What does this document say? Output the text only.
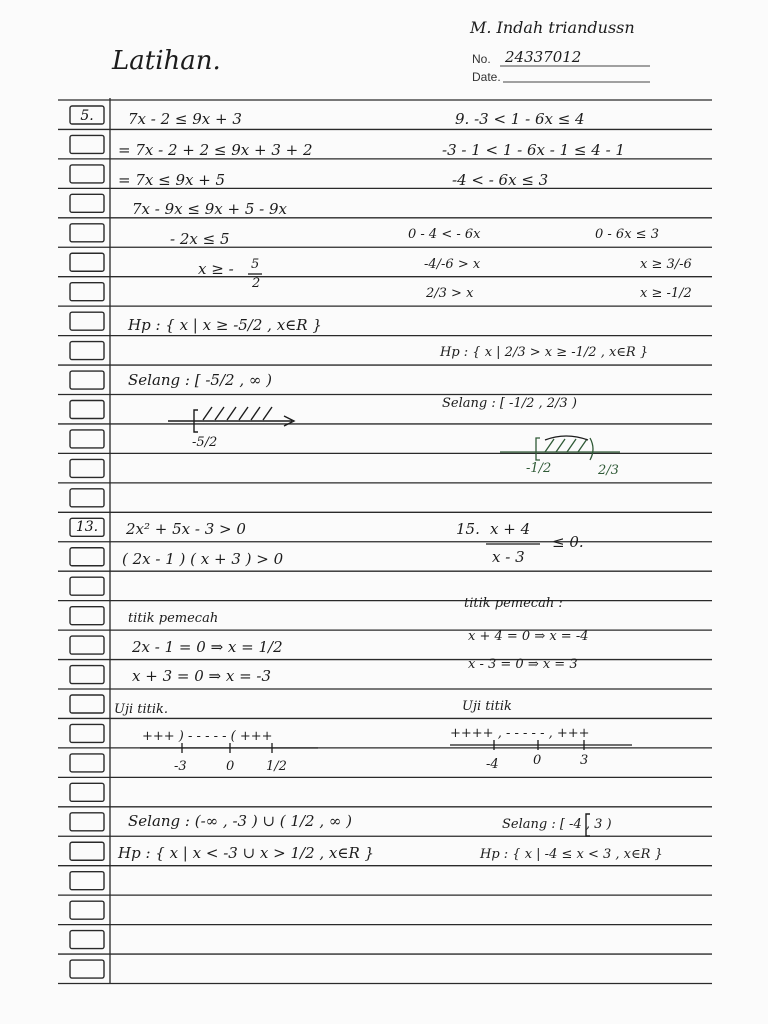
Latihan.
M. Indah triandussn
No. 24337012
Date.
5.
13.
7x - 2 ≤ 9x + 3
= 7x - 2 + 2 ≤ 9x + 3 + 2
= 7x ≤ 9x + 5
7x - 9x ≤ 9x + 5 - 9x
- 2x ≤ 5
x ≥ - 5
2
Hp : { x | x ≥ -5/2 , x∈R }
Selang : [ -5/2 , ∞ )
-5/2
9. -3 < 1 - 6x ≤ 4
-3 - 1 < 1 - 6x - 1 ≤ 4 - 1
-4 < - 6x ≤ 3
0 - 4 < - 6x	0 - 6x ≤ 3
-4/-6 > x	x ≥ 3/-6
2/3 > x	x ≥ -1/2
Hp : { x | 2/3 > x ≥ -1/2 , x∈R }
Selang : [ -1/2 , 2/3 )
-1/2	2/3
2x² + 5x - 3 > 0
( 2x - 1 ) ( x + 3 ) > 0
titik pemecah
2x - 1 = 0 ⇒ x = 1/2
x + 3 = 0 ⇒ x = -3
Uji titik.
+++ ) - - - - - ( +++
-3	0 1/2
Selang : (-∞ , -3 ) ∪ ( 1/2 , ∞ )
Hp : { x | x < -3 ∪ x > 1/2 , x∈R }
15. x + 4
x - 3
≤ 0.
titik pemecah :
x + 4 = 0 ⇒ x = -4
x - 3 = 0 ⇒ x = 3
Uji titik
++++ , - - - - - , +++
-4	0	3
Selang : [ -4 , 3 )
Hp : { x | -4 ≤ x < 3 , x∈R }
